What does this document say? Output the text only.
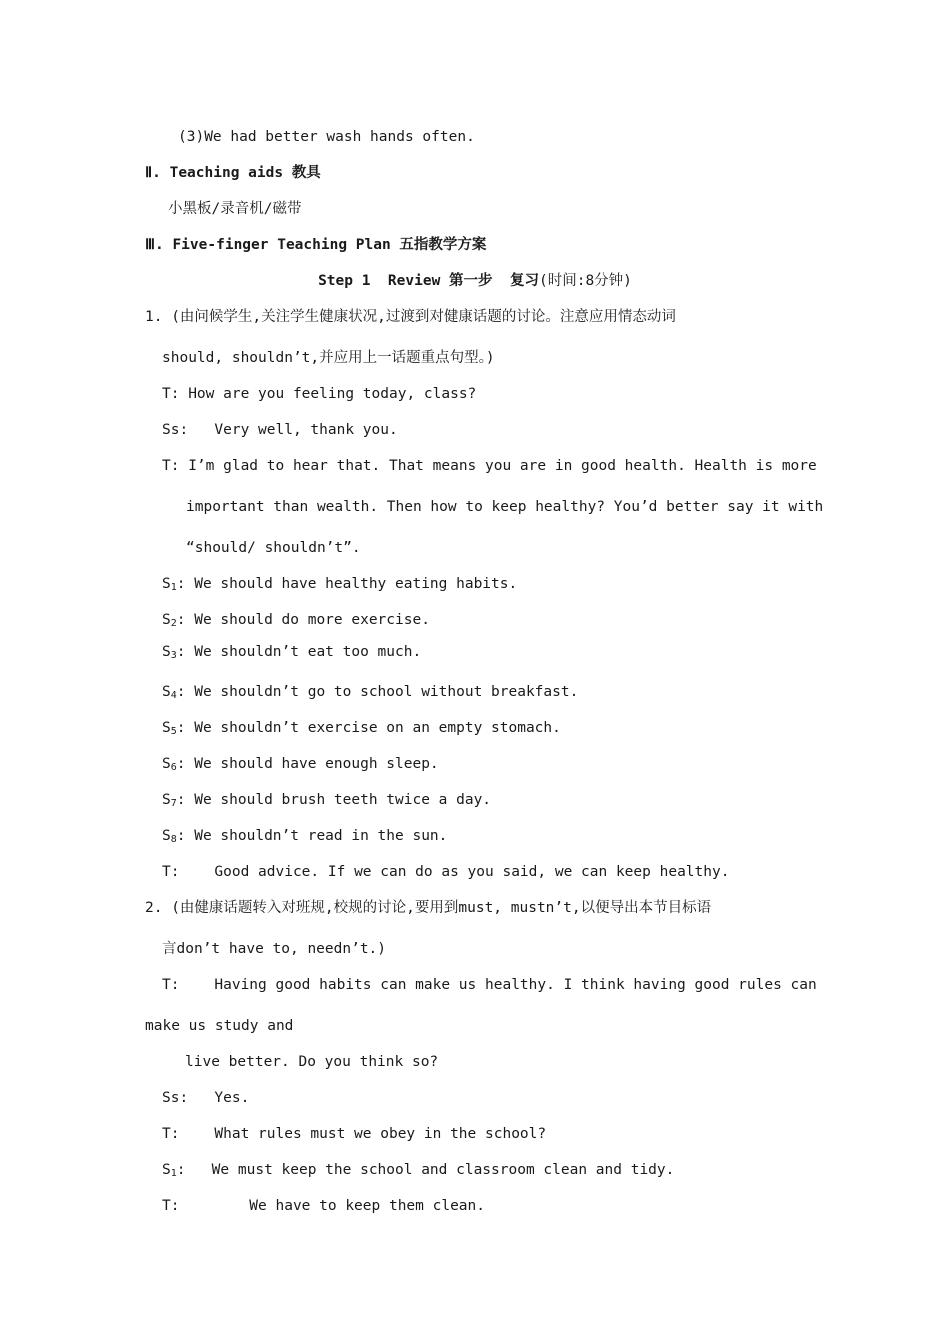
(3)We had better wash hands often.
Ⅱ. Teaching aids 教具
小黑板/录音机/磁带
Ⅲ. Five-finger Teaching Plan 五指教学方案
Step 1  Review 第一步  复习(时间:8分钟)
1. (由问候学生,关注学生健康状况,过渡到对健康话题的讨论。注意应用情态动词
should, shouldn’t,并应用上一话题重点句型。)
T: How are you feeling today, class?
Ss:   Very well, thank you.
T: I’m glad to hear that. That means you are in good health. Health is more
important than wealth. Then how to keep healthy? You’d better say it with
“should/ shouldn’t”.
$S_1$: We should have healthy eating habits.
$S_2$: We should do more exercise.
$S_3$: We shouldn’t eat too much.
$S_4$: We shouldn’t go to school without breakfast.
$S_5$: We shouldn’t exercise on an empty stomach.
$S_6$: We should have enough sleep.
$S_7$: We should brush teeth twice a day.
$S_8$: We shouldn’t read in the sun.
T:    Good advice. If we can do as you said, we can keep healthy.
2. (由健康话题转入对班规,校规的讨论,要用到must, mustn’t,以便导出本节目标语
言don’t have to, needn’t.)
T:    Having good habits can make us healthy. I think having good rules can
make us study and
live better. Do you think so?
Ss:   Yes.
T:    What rules must we obey in the school?
$S_1$:   We must keep the school and classroom clean and tidy.
T:        We have to keep them clean.
